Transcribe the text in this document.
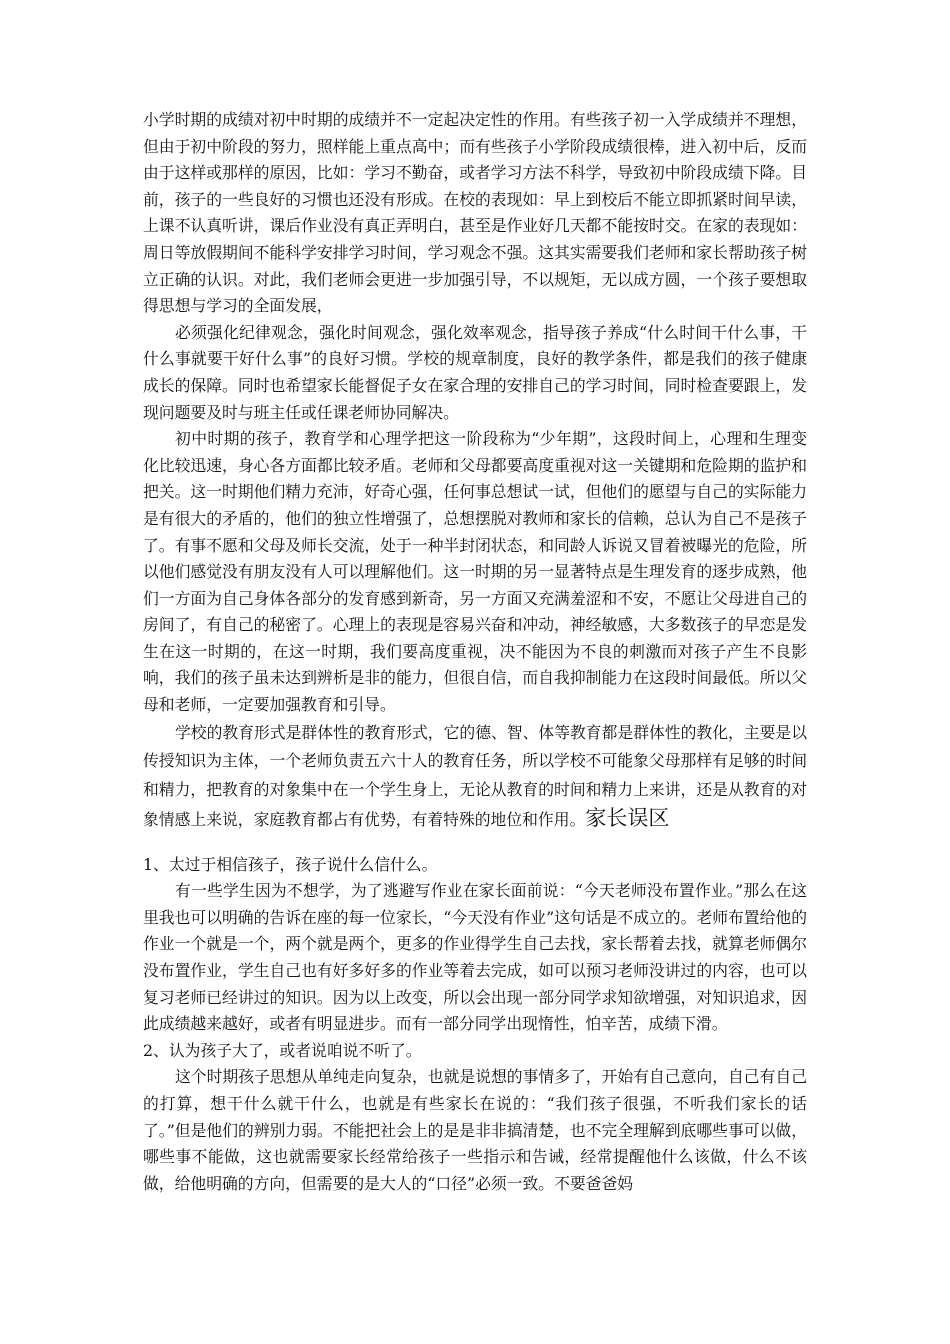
小学时期的成绩对初中时期的成绩并不一定起决定性的作用。有些孩子初一入学成绩并不理想，但由于初中阶段的努力，照样能上重点高中；而有些孩子小学阶段成绩很棒，进入初中后，反而由于这样或那样的原因，比如：学习不勤奋，或者学习方法不科学，导致初中阶段成绩下降。目前，孩子的一些良好的习惯也还没有形成。在校的表现如：早上到校后不能立即抓紧时间早读，上课不认真听讲，课后作业没有真正弄明白，甚至是作业好几天都不能按时交。在家的表现如：周日等放假期间不能科学安排学习时间，学习观念不强。这其实需要我们老师和家长帮助孩子树立正确的认识。对此，我们老师会更进一步加强引导，不以规矩，无以成方圆，一个孩子要想取得思想与学习的全面发展，

必须强化纪律观念，强化时间观念，强化效率观念，指导孩子养成“什么时间干什么事，干什么事就要干好什么事”的良好习惯。学校的规章制度，良好的教学条件，都是我们的孩子健康成长的保障。同时也希望家长能督促子女在家合理的安排自己的学习时间，同时检查要跟上，发现问题要及时与班主任或任课老师协同解决。

初中时期的孩子，教育学和心理学把这一阶段称为“少年期”，这段时间上，心理和生理变化比较迅速，身心各方面都比较矛盾。老师和父母都要高度重视对这一关键期和危险期的监护和把关。这一时期他们精力充沛，好奇心强，任何事总想试一试，但他们的愿望与自己的实际能力是有很大的矛盾的，他们的独立性增强了，总想摆脱对教师和家长的信赖，总认为自己不是孩子了。有事不愿和父母及师长交流，处于一种半封闭状态，和同龄人诉说又冒着被曝光的危险，所以他们感觉没有朋友没有人可以理解他们。这一时期的另一显著特点是生理发育的逐步成熟，他们一方面为自己身体各部分的发育感到新奇，另一方面又充满羞涩和不安，不愿让父母进自己的房间了，有自己的秘密了。心理上的表现是容易兴奋和冲动，神经敏感，大多数孩子的早恋是发生在这一时期的，在这一时期，我们要高度重视，决不能因为不良的刺激而对孩子产生不良影响，我们的孩子虽未达到辨析是非的能力，但很自信，而自我抑制能力在这段时间最低。所以父母和老师，一定要加强教育和引导。

学校的教育形式是群体性的教育形式，它的德、智、体等教育都是群体性的教化，主要是以传授知识为主体，一个老师负责五六十人的教育任务，所以学校不可能象父母那样有足够的时间和精力，把教育的对象集中在一个学生身上，无论从教育的时间和精力上来讲，还是从教育的对象情感上来说，家庭教育都占有优势，有着特殊的地位和作用。家长误区

1、太过于相信孩子，孩子说什么信什么。

有一些学生因为不想学，为了逃避写作业在家长面前说：“今天老师没布置作业。”那么在这里我也可以明确的告诉在座的每一位家长，“今天没有作业”这句话是不成立的。老师布置给他的作业一个就是一个，两个就是两个，更多的作业得学生自己去找，家长帮着去找，就算老师偶尔没布置作业，学生自己也有好多好多的作业等着去完成，如可以预习老师没讲过的内容，也可以复习老师已经讲过的知识。因为以上改变，所以会出现一部分同学求知欲增强，对知识追求，因此成绩越来越好，或者有明显进步。而有一部分同学出现惰性，怕辛苦，成绩下滑。

2、认为孩子大了，或者说咱说不听了。

这个时期孩子思想从单纯走向复杂，也就是说想的事情多了，开始有自己意向，自己有自己的打算，想干什么就干什么，也就是有些家长在说的：“我们孩子很强，不听我们家长的话了。”但是他们的辨别力弱。不能把社会上的是是非非搞清楚，也不完全理解到底哪些事可以做，哪些事不能做，这也就需要家长经常给孩子一些指示和告诫，经常提醒他什么该做，什么不该做，给他明确的方向，但需要的是大人的“口径”必须一致。不要爸爸妈
